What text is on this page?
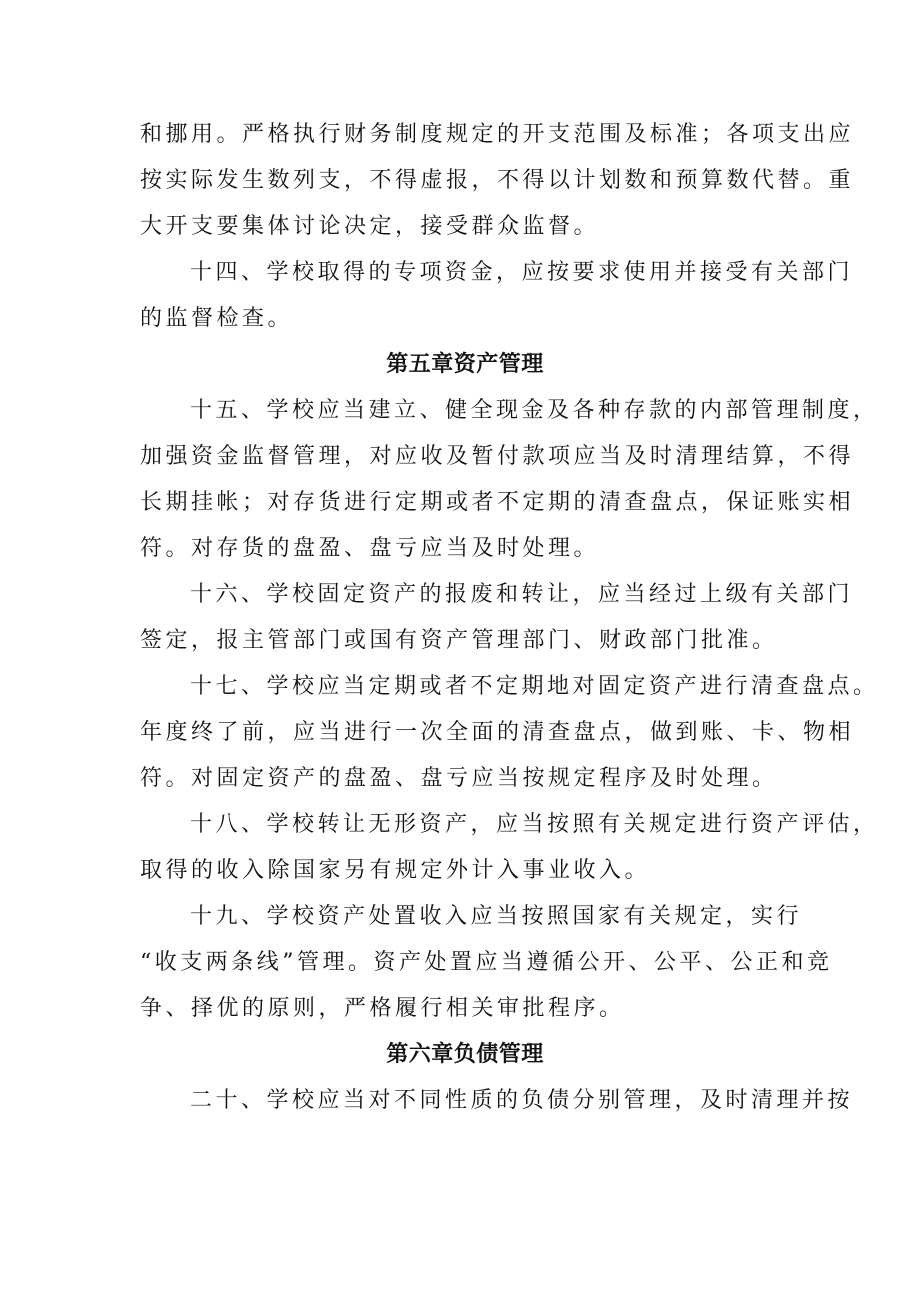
和挪用。严格执行财务制度规定的开支范围及标准；各项支出应
按实际发生数列支，不得虚报，不得以计划数和预算数代替。重
大开支要集体讨论决定，接受群众监督。
十四、学校取得的专项资金，应按要求使用并接受有关部门
的监督检查。
第五章资产管理
十五、学校应当建立、健全现金及各种存款的内部管理制度，
加强资金监督管理，对应收及暂付款项应当及时清理结算，不得
长期挂帐；对存货进行定期或者不定期的清查盘点，保证账实相
符。对存货的盘盈、盘亏应当及时处理。
十六、学校固定资产的报废和转让，应当经过上级有关部门
签定，报主管部门或国有资产管理部门、财政部门批准。
十七、学校应当定期或者不定期地对固定资产进行清查盘点。
年度终了前，应当进行一次全面的清查盘点，做到账、卡、物相
符。对固定资产的盘盈、盘亏应当按规定程序及时处理。
十八、学校转让无形资产，应当按照有关规定进行资产评估，
取得的收入除国家另有规定外计入事业收入。
十九、学校资产处置收入应当按照国家有关规定，实行
“收支两条线”管理。资产处置应当遵循公开、公平、公正和竞
争、择优的原则，严格履行相关审批程序。
第六章负债管理
二十、学校应当对不同性质的负债分别管理，及时清理并按
